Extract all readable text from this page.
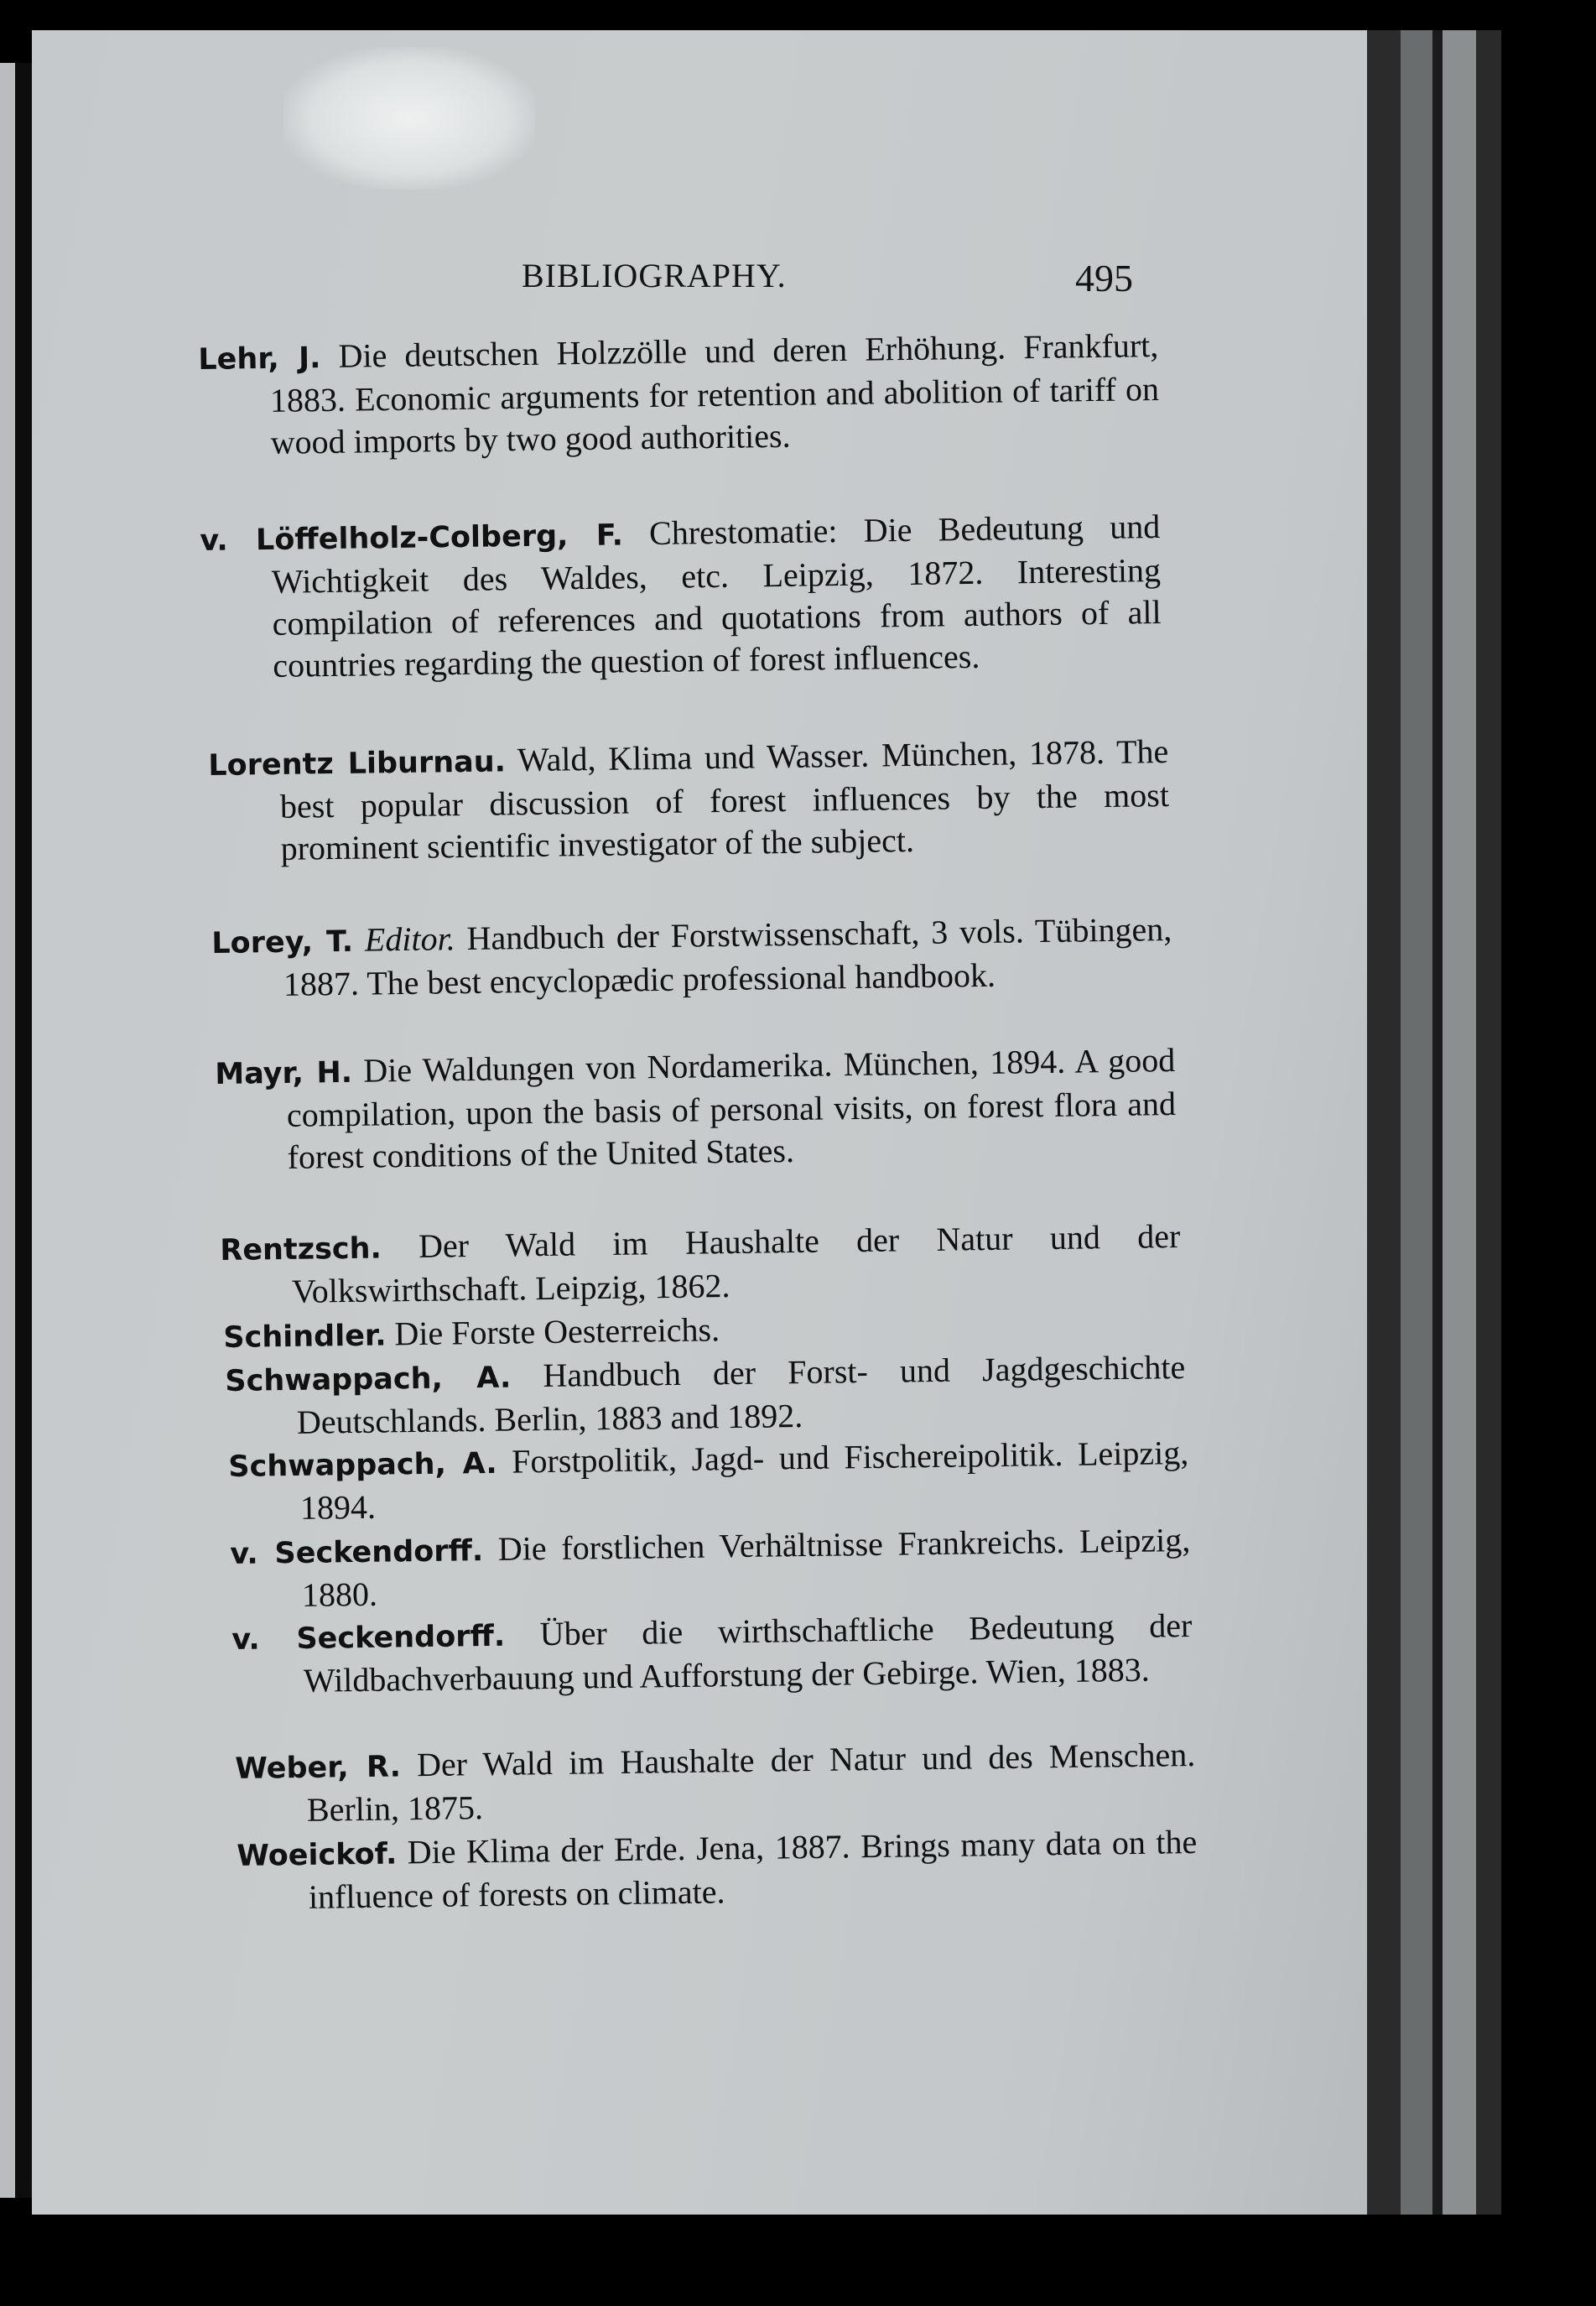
BIBLIOGRAPHY.	495
Lehr, J. Die deutschen Holzzölle und deren Erhöhung. Frankfurt, 1883. Economic arguments for retention and abolition of tariff on wood imports by two good authorities.
v. Löffelholz-Colberg, F. Chrestomatie: Die Bedeutung und Wichtigkeit des Waldes, etc. Leipzig, 1872. Interesting compilation of references and quotations from authors of all countries regarding the question of forest influences.
Lorentz Liburnau. Wald, Klima und Wasser. München, 1878. The best popular discussion of forest influences by the most prominent scientific investigator of the subject.
Lorey, T. Editor. Handbuch der Forstwissenschaft, 3 vols. Tübingen, 1887. The best encyclopædic professional handbook.
Mayr, H. Die Waldungen von Nordamerika. München, 1894. A good compilation, upon the basis of personal visits, on forest flora and forest conditions of the United States.
Rentzsch. Der Wald im Haushalte der Natur und der Volkswirthschaft. Leipzig, 1862.
Schindler. Die Forste Oesterreichs.
Schwappach, A. Handbuch der Forst- und Jagdgeschichte Deutschlands. Berlin, 1883 and 1892.
Schwappach, A. Forstpolitik, Jagd- und Fischereipolitik. Leipzig, 1894.
v. Seckendorff. Die forstlichen Verhältnisse Frankreichs. Leipzig, 1880.
v. Seckendorff. Über die wirthschaftliche Bedeutung der Wildbachverbauung und Aufforstung der Gebirge. Wien, 1883.
Weber, R. Der Wald im Haushalte der Natur und des Menschen. Berlin, 1875.
Woeickof. Die Klima der Erde. Jena, 1887. Brings many data on the influence of forests on climate.
